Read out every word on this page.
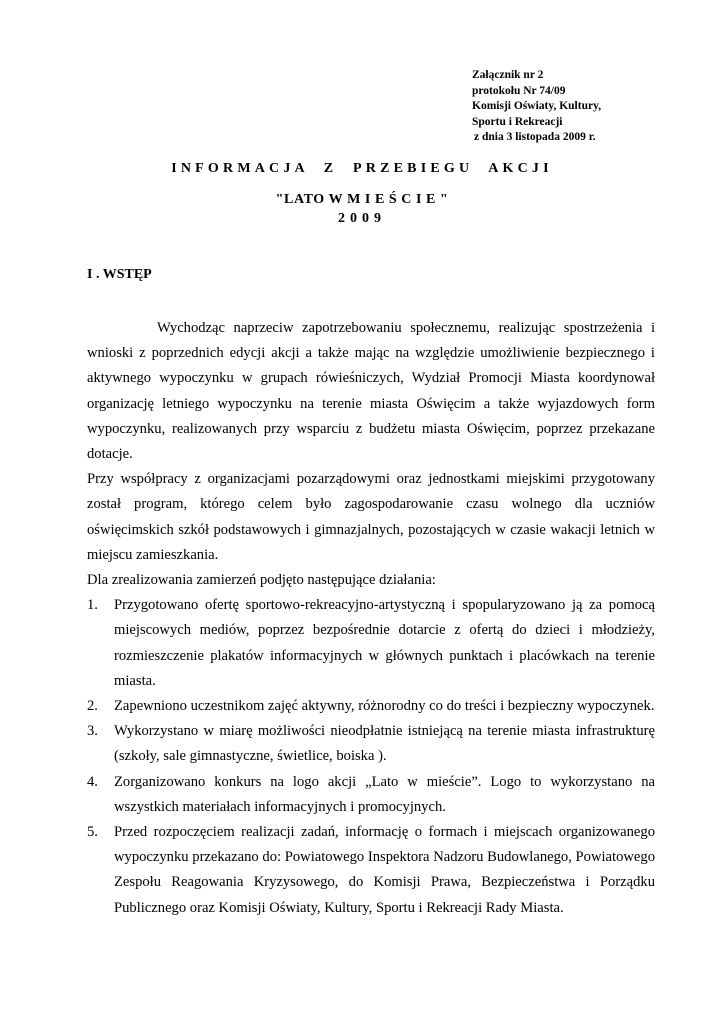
Załącznik nr 2
protokołu Nr 74/09
Komisji Oświaty, Kultury,
Sportu i Rekreacji
z dnia 3 listopada 2009 r.
INFORMACJA Z PRZEBIEGU AKCJI
"LATO W MIEŚCIE"
2009
I . WSTĘP

Wychodząc naprzeciw zapotrzebowaniu społecznemu, realizując spostrzeżenia i wnioski z poprzednich edycji akcji a także mając na względzie umożliwienie bezpiecznego i aktywnego wypoczynku w grupach rówieśniczych, Wydział Promocji Miasta koordynował organizację letniego wypoczynku na terenie miasta Oświęcim a także wyjazdowych form wypoczynku, realizowanych przy wsparciu z budżetu miasta Oświęcim, poprzez przekazane dotacje.

Przy współpracy z organizacjami pozarządowymi oraz jednostkami miejskimi przygotowany został program, którego celem było zagospodarowanie czasu wolnego dla uczniów oświęcimskich szkół podstawowych i gimnazjalnych, pozostających w czasie wakacji letnich w miejscu zamieszkania.

Dla zrealizowania zamierzeń podjęto następujące działania:

1. Przygotowano ofertę sportowo-rekreacyjno-artystyczną i spopularyzowano ją za pomocą miejscowych mediów, poprzez bezpośrednie dotarcie z ofertą do dzieci i młodzieży, rozmieszczenie plakatów informacyjnych w głównych punktach i placówkach na terenie miasta.
2. Zapewniono uczestnikom zajęć aktywny, różnorodny co do treści i bezpieczny wypoczynek.
3. Wykorzystano w miarę możliwości nieodpłatnie istniejącą na terenie miasta infrastrukturę (szkoły, sale gimnastyczne, świetlice, boiska ).
4. Zorganizowano konkurs na logo akcji „Lato w mieście”. Logo to wykorzystano na wszystkich materiałach informacyjnych i promocyjnych.
5. Przed rozpoczęciem realizacji zadań, informację o formach i miejscach organizowanego wypoczynku przekazano do: Powiatowego Inspektora Nadzoru Budowlanego, Powiatowego Zespołu Reagowania Kryzysowego, do Komisji Prawa, Bezpieczeństwa i Porządku Publicznego oraz Komisji Oświaty, Kultury, Sportu i Rekreacji Rady Miasta.
